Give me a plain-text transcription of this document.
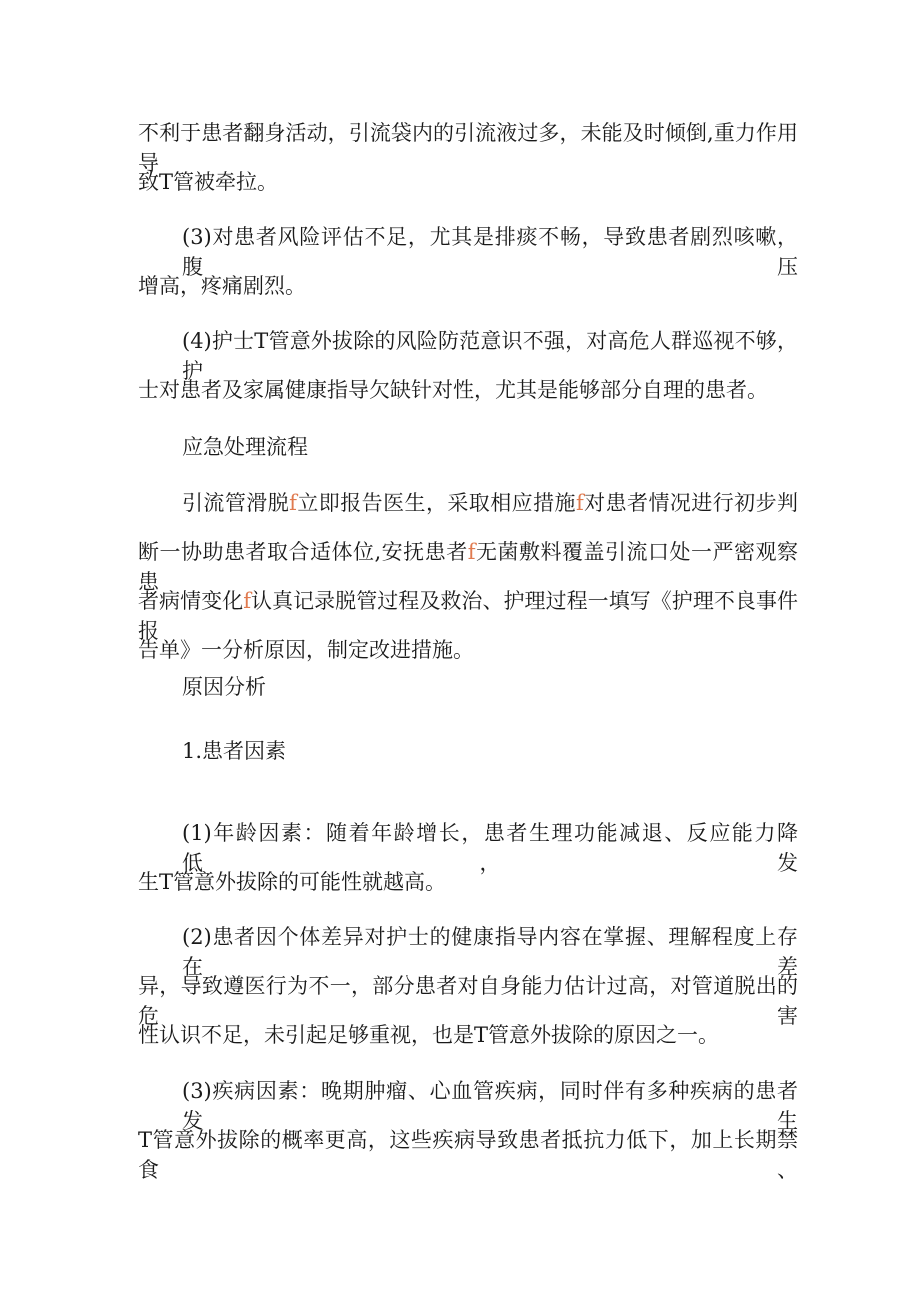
不利于患者翻身活动，引流袋内的引流液过多，未能及时倾倒,重力作用导
致T管被牵拉。
(3)对患者风险评估不足，尤其是排痰不畅，导致患者剧烈咳嗽，腹压
增高，疼痛剧烈。
(4)护士T管意外拔除的风险防范意识不强，对高危人群巡视不够，护
士对患者及家属健康指导欠缺针对性，尤其是能够部分自理的患者。
应急处理流程
引流管滑脱f立即报告医生，采取相应措施f对患者情况进行初步判
断一协助患者取合适体位,安抚患者f无菌敷料覆盖引流口处一严密观察患
者病情变化f认真记录脱管过程及救治、护理过程一填写《护理不良事件报
告单》一分析原因，制定改进措施。
原因分析
1.患者因素
(1)年龄因素：随着年龄增长，患者生理功能减退、反应能力降低，发
生T管意外拔除的可能性就越高。
(2)患者因个体差异对护士的健康指导内容在掌握、理解程度上存在差
异，导致遵医行为不一，部分患者对自身能力估计过高，对管道脱出的危害
性认识不足，未引起足够重视，也是T管意外拔除的原因之一。
(3)疾病因素：晚期肿瘤、心血管疾病，同时伴有多种疾病的患者发生
T管意外拔除的概率更高，这些疾病导致患者抵抗力低下，加上长期禁食、
